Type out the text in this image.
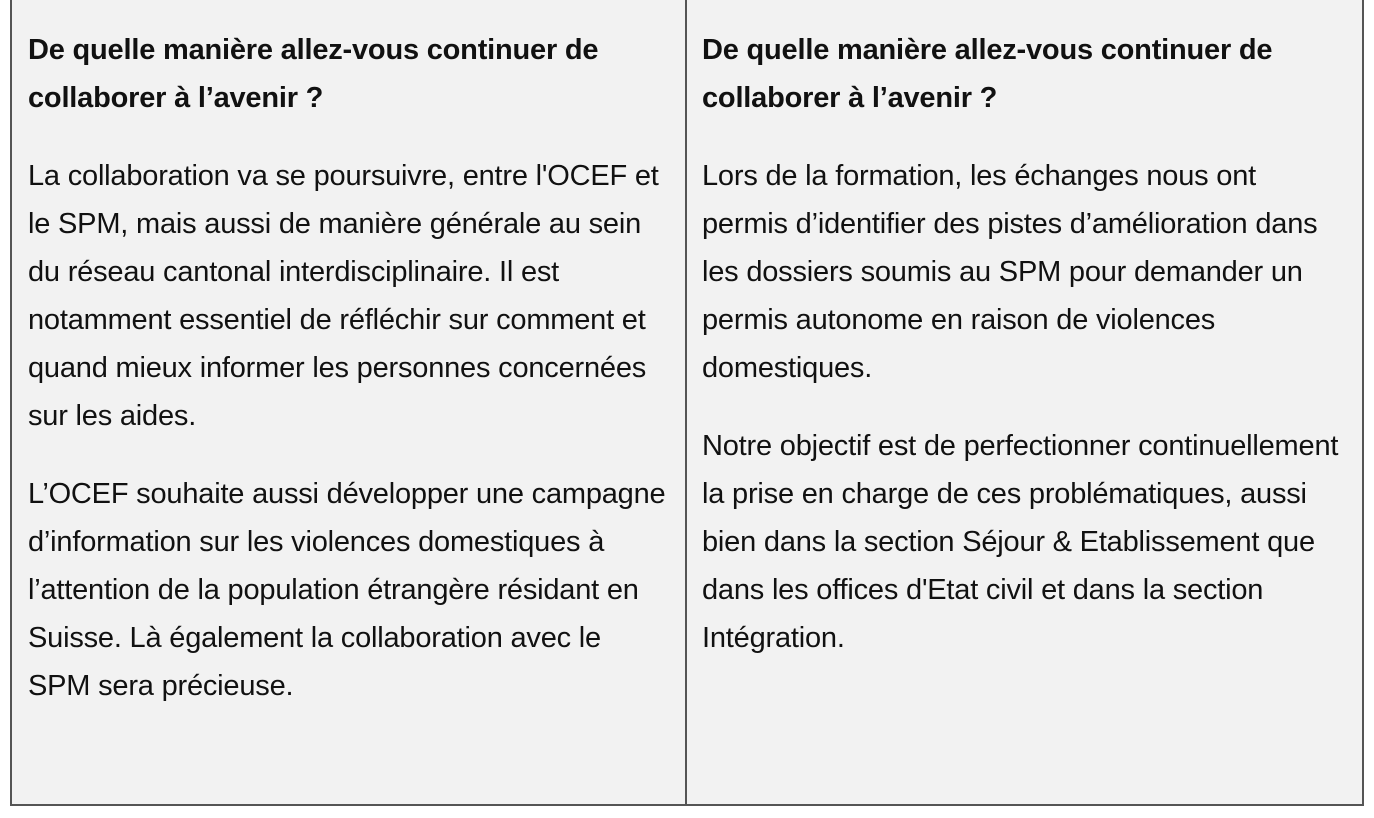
De quelle manière allez-vous continuer de collaborer à l’avenir ?

La collaboration va se poursuivre, entre l'OCEF et le SPM, mais aussi de manière générale au sein du réseau cantonal interdisciplinaire. Il est notamment essentiel de réfléchir sur comment et quand mieux informer les personnes concernées sur les aides.

L’OCEF souhaite aussi développer une campagne d’information sur les violences domestiques à l’attention de la population étrangère résidant en Suisse. Là également la collaboration avec le SPM sera précieuse.

De quelle manière allez-vous continuer de collaborer à l’avenir ?

Lors de la formation, les échanges nous ont permis d’identifier des pistes d’amélioration dans les dossiers soumis au SPM pour demander un permis autonome en raison de violences domestiques.

Notre objectif est de perfectionner continuellement la prise en charge de ces problématiques, aussi bien dans la section Séjour & Etablissement que dans les offices d'Etat civil et dans la section Intégration.
